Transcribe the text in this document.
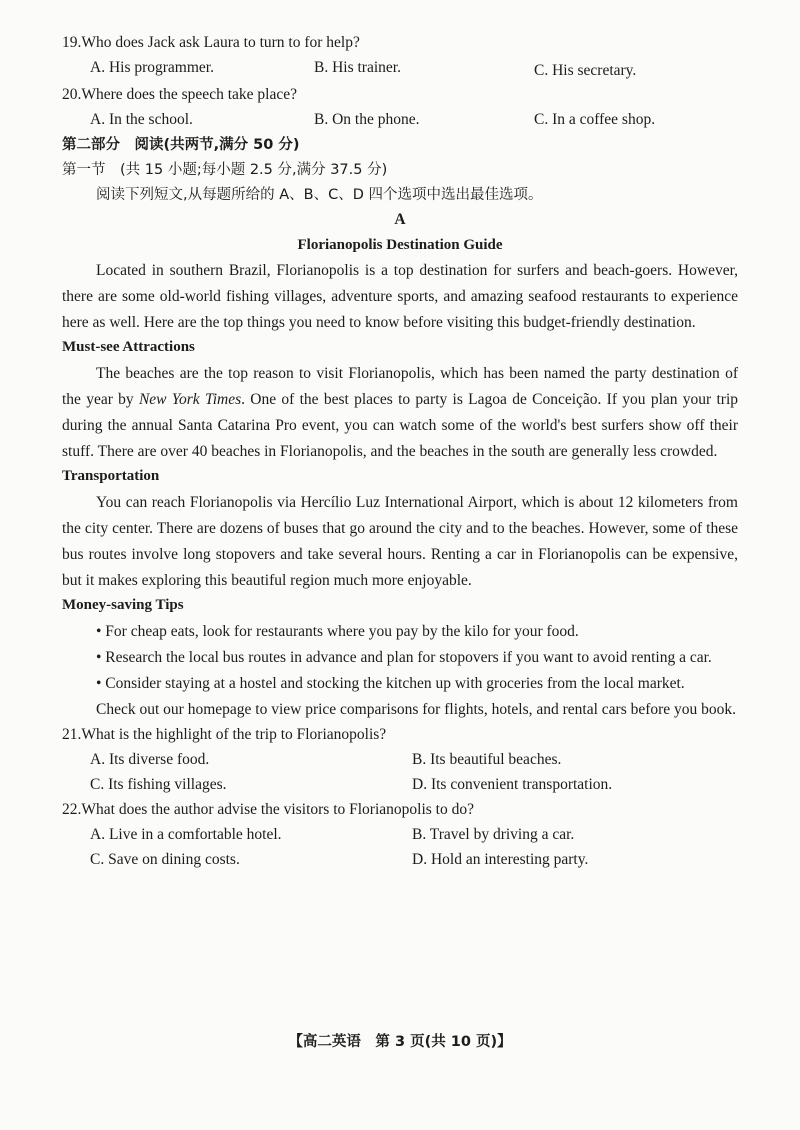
19.Who does Jack ask Laura to turn to for help?

A. His programmer.	B. His trainer.	C. His secretary.

20.Where does the speech take place?

A. In the school.	B. On the phone.	C. In a coffee shop.

第二部分　阅读(共两节,满分 50 分)

第一节　(共 15 小题;每小题 2.5 分,满分 37.5 分)

阅读下列短文,从每题所给的 A、B、C、D 四个选项中选出最佳选项。

A

Florianopolis Destination Guide

Located in southern Brazil, Florianopolis is a top destination for surfers and beach-goers. However, there are some old-world fishing villages, adventure sports, and amazing seafood restaurants to experience here as well. Here are the top things you need to know before visiting this budget-friendly destination.

Must-see Attractions

The beaches are the top reason to visit Florianopolis, which has been named the party destination of the year by New York Times. One of the best places to party is Lagoa de Conceição. If you plan your trip during the annual Santa Catarina Pro event, you can watch some of the world's best surfers show off their stuff. There are over 40 beaches in Florianopolis, and the beaches in the south are generally less crowded.

Transportation

You can reach Florianopolis via Hercílio Luz International Airport, which is about 12 kilometers from the city center. There are dozens of buses that go around the city and to the beaches. However, some of these bus routes involve long stopovers and take several hours. Renting a car in Florianopolis can be expensive, but it makes exploring this beautiful region much more enjoyable.

Money-saving Tips

• For cheap eats, look for restaurants where you pay by the kilo for your food.

• Research the local bus routes in advance and plan for stopovers if you want to avoid renting a car.

• Consider staying at a hostel and stocking the kitchen up with groceries from the local market.

Check out our homepage to view price comparisons for flights, hotels, and rental cars before you book.

21.What is the highlight of the trip to Florianopolis?

A. Its diverse food.	B. Its beautiful beaches.
C. Its fishing villages.	D. Its convenient transportation.

22.What does the author advise the visitors to Florianopolis to do?

A. Live in a comfortable hotel.	B. Travel by driving a car.
C. Save on dining costs.	D. Hold an interesting party.
【高二英语　第 3 页(共 10 页)】
